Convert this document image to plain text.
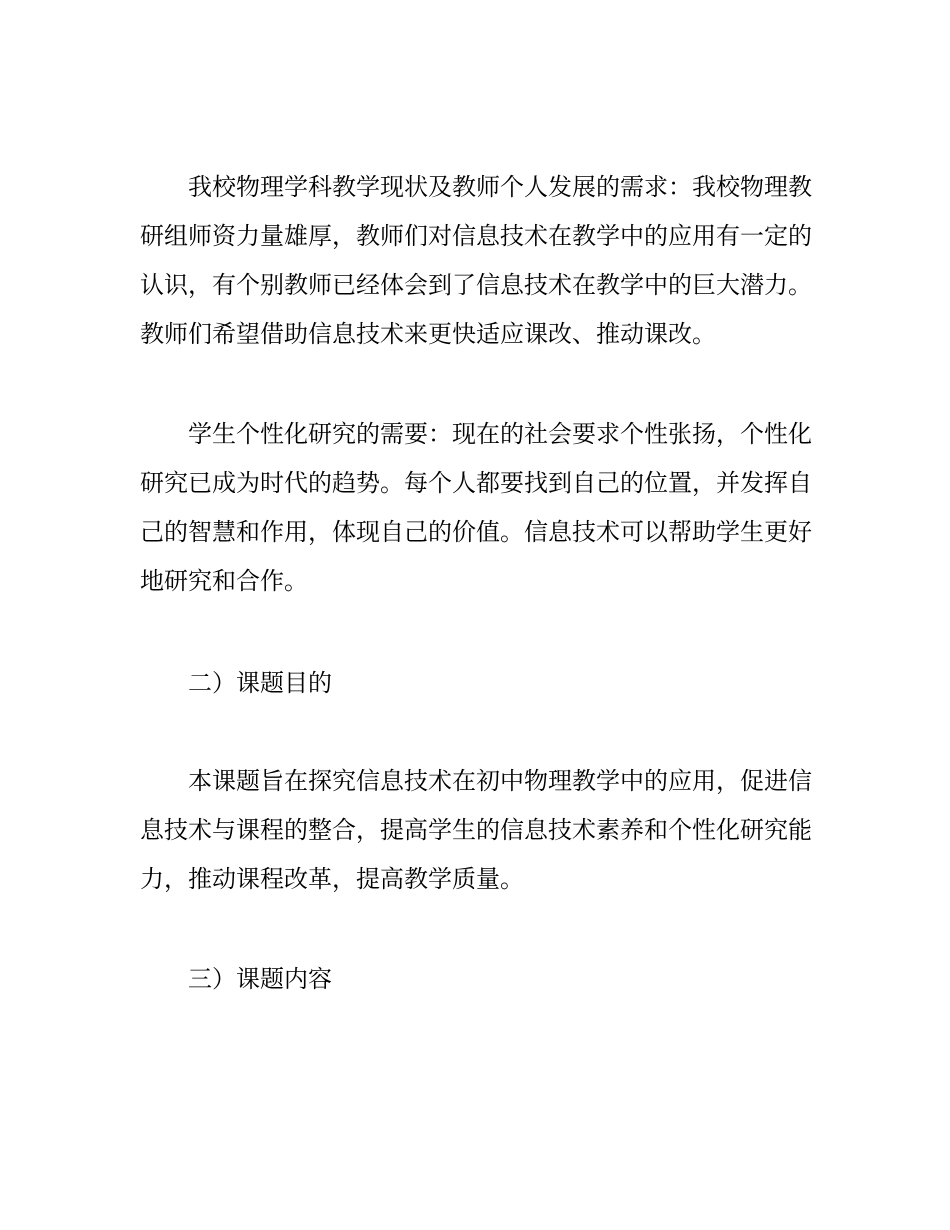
我校物理学科教学现状及教师个人发展的需求：我校物理教研组师资力量雄厚，教师们对信息技术在教学中的应用有一定的认识，有个别教师已经体会到了信息技术在教学中的巨大潜力。教师们希望借助信息技术来更快适应课改、推动课改。

学生个性化研究的需要：现在的社会要求个性张扬，个性化研究已成为时代的趋势。每个人都要找到自己的位置，并发挥自己的智慧和作用，体现自己的价值。信息技术可以帮助学生更好地研究和合作。

二）课题目的

本课题旨在探究信息技术在初中物理教学中的应用，促进信息技术与课程的整合，提高学生的信息技术素养和个性化研究能力，推动课程改革，提高教学质量。

三）课题内容
